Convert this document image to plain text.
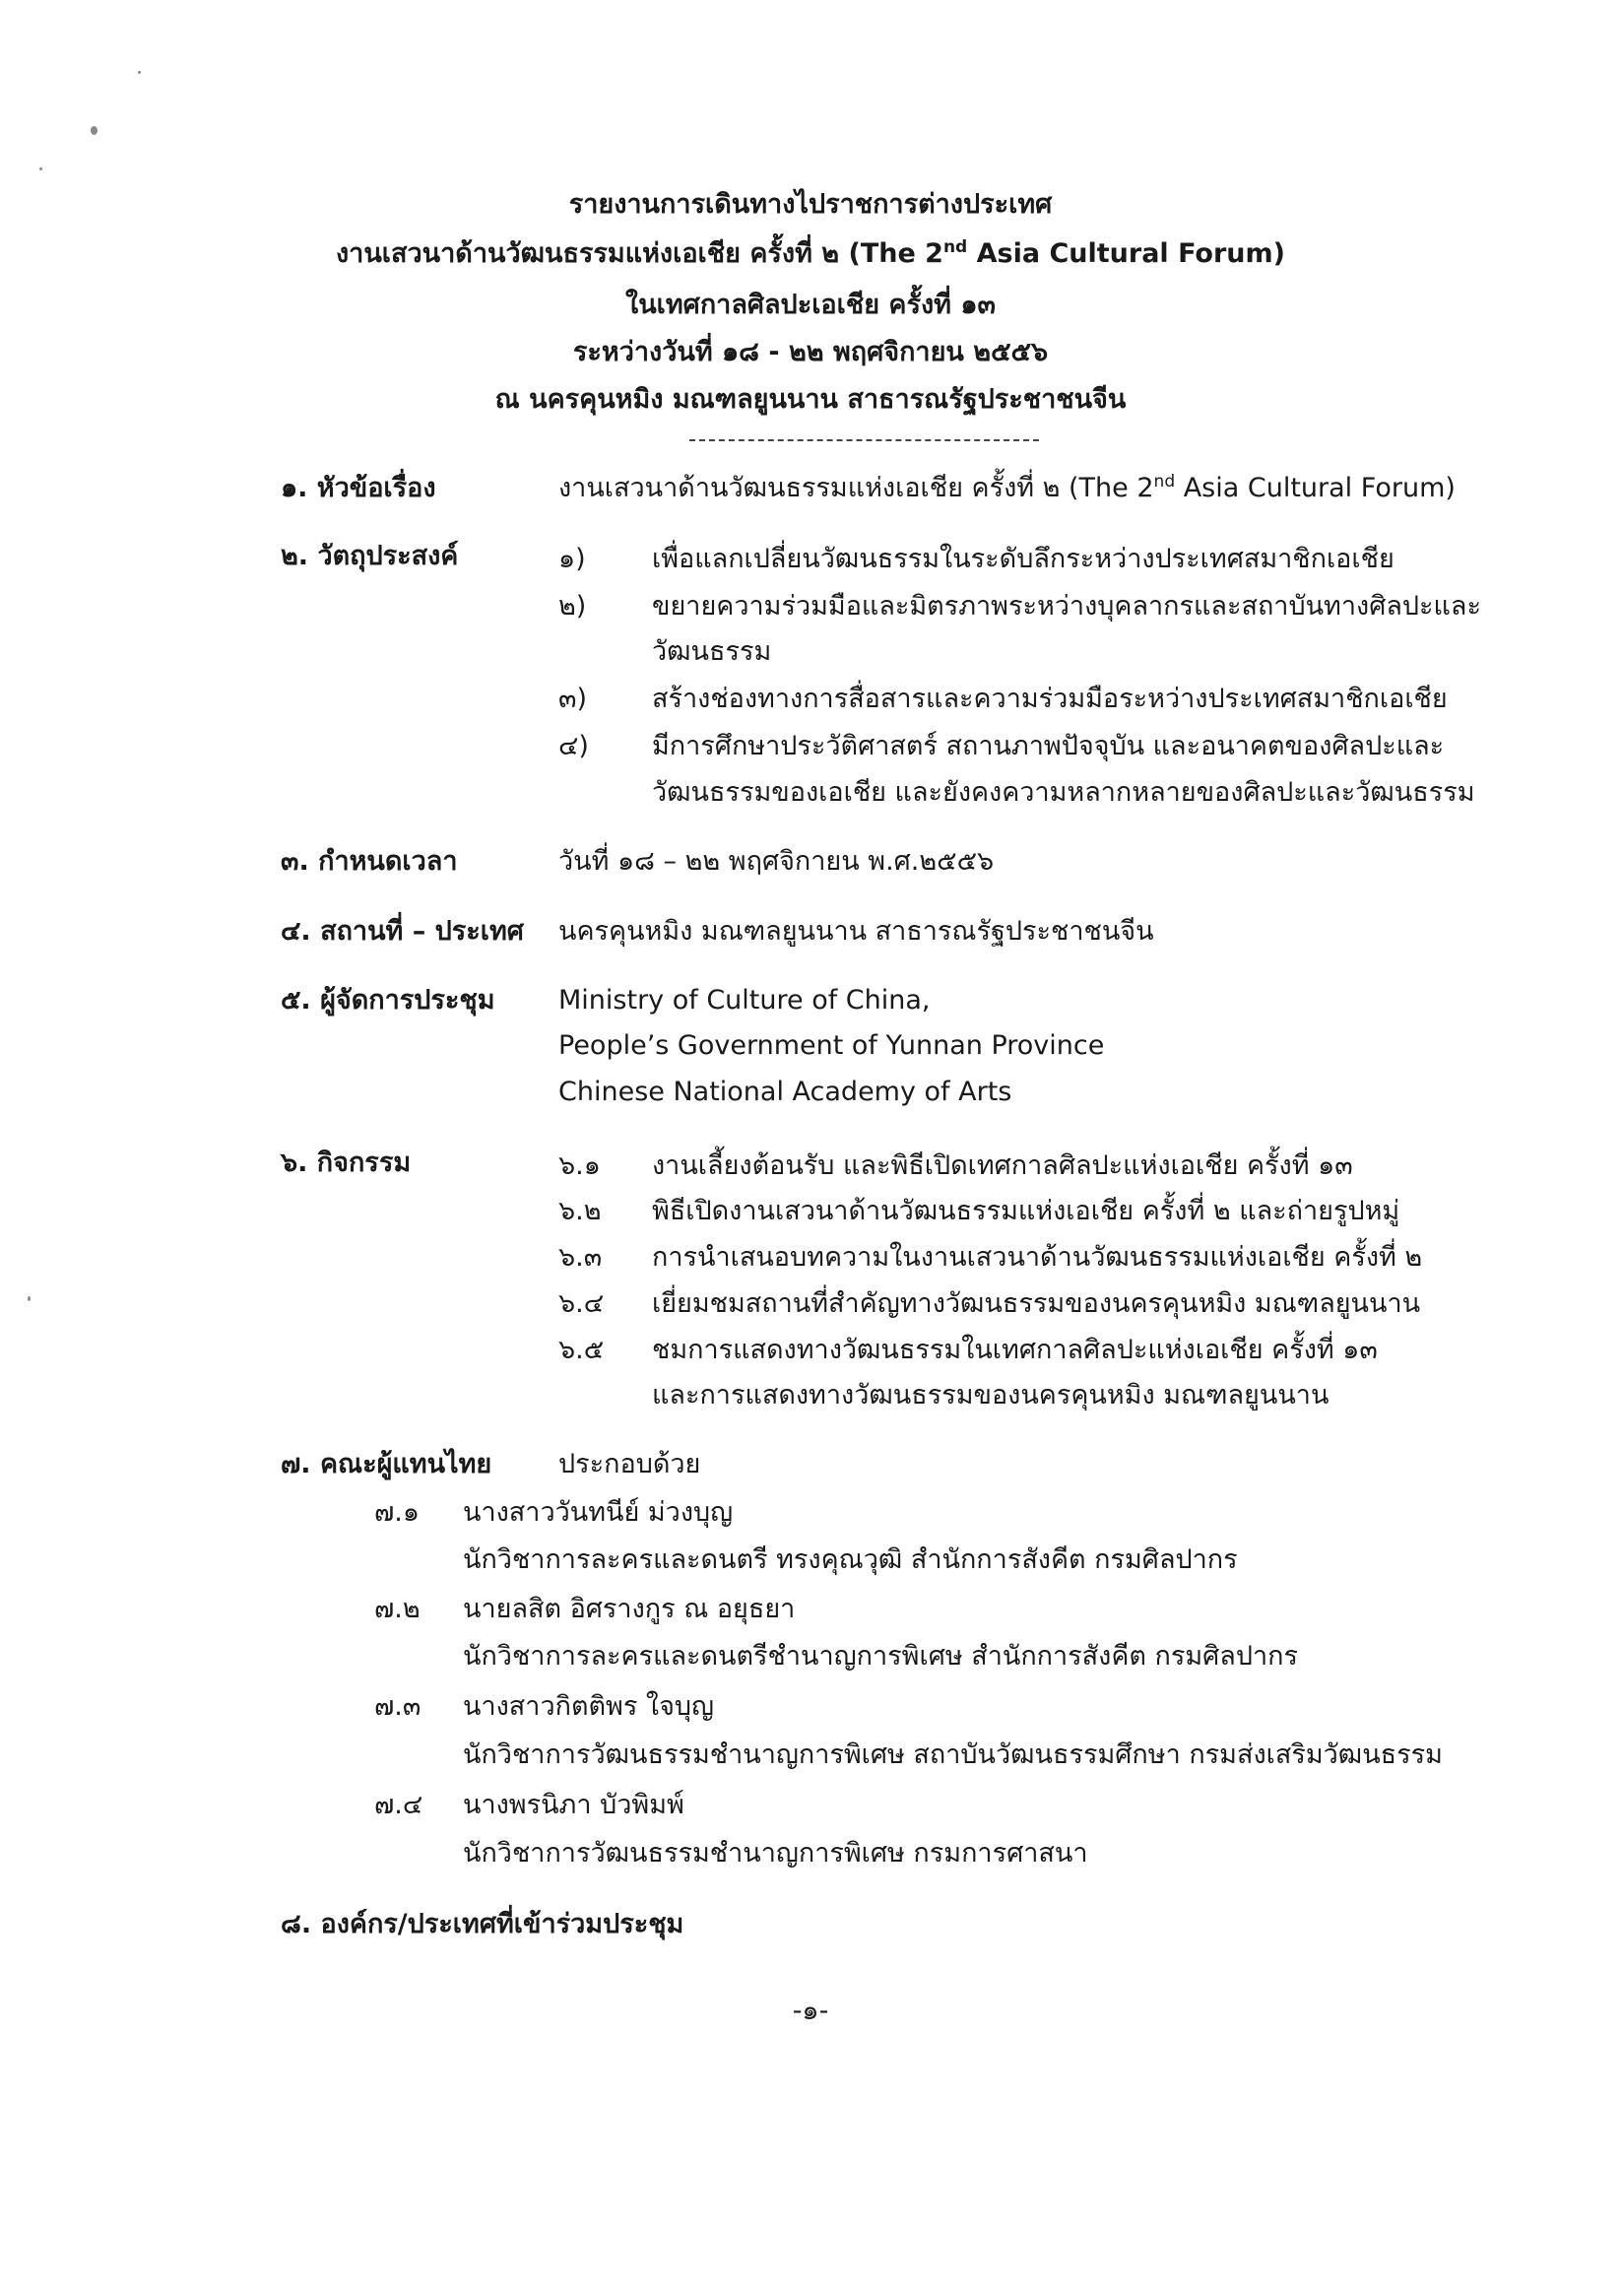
รายงานการเดินทางไปราชการต่างประเทศ
งานเสวนาด้านวัฒนธรรมแห่งเอเชีย ครั้งที่ ๒ (The 2nd Asia Cultural Forum)
ในเทศกาลศิลปะเอเชีย ครั้งที่ ๑๓
ระหว่างวันที่ ๑๘ - ๒๒ พฤศจิกายน ๒๕๕๖
ณ นครคุนหมิง มณฑลยูนนาน สาธารณรัฐประชาชนจีน
๑. หัวข้อเรื่อง	งานเสวนาด้านวัฒนธรรมแห่งเอเชีย ครั้งที่ ๒ (The 2nd Asia Cultural Forum)
๒. วัตถุประสงค์	๑) เพื่อแลกเปลี่ยนวัฒนธรรมในระดับลึกระหว่างประเทศสมาชิกเอเชีย
๒) ขยายความร่วมมือและมิตรภาพระหว่างบุคลากรและสถาบันทางศิลปะและ
วัฒนธรรม
๓) สร้างช่องทางการสื่อสารและความร่วมมือระหว่างประเทศสมาชิกเอเชีย
๔) มีการศึกษาประวัติศาสตร์ สถานภาพปัจจุบัน และอนาคตของศิลปะและ
วัฒนธรรมของเอเชีย และยังคงความหลากหลายของศิลปะและวัฒนธรรม
๓. กำหนดเวลา	วันที่ ๑๘ – ๒๒ พฤศจิกายน พ.ศ.๒๕๕๖
๔. สถานที่ – ประเทศ นครคุนหมิง มณฑลยูนนาน สาธารณรัฐประชาชนจีน
๕. ผู้จัดการประชุม Ministry of Culture of China,
People’s Government of Yunnan Province
Chinese National Academy of Arts
๖. กิจกรรม	๖.๑ งานเลี้ยงต้อนรับ และพิธีเปิดเทศกาลศิลปะแห่งเอเชีย ครั้งที่ ๑๓
๖.๒ พิธีเปิดงานเสวนาด้านวัฒนธรรมแห่งเอเชีย ครั้งที่ ๒ และถ่ายรูปหมู่
๖.๓ การนำเสนอบทความในงานเสวนาด้านวัฒนธรรมแห่งเอเชีย ครั้งที่ ๒
๖.๔ เยี่ยมชมสถานที่สำคัญทางวัฒนธรรมของนครคุนหมิง มณฑลยูนนาน
๖.๕ ชมการแสดงทางวัฒนธรรมในเทศกาลศิลปะแห่งเอเชีย ครั้งที่ ๑๓
และการแสดงทางวัฒนธรรมของนครคุนหมิง มณฑลยูนนาน
๗. คณะผู้แทนไทย	ประกอบด้วย
๗.๑ นางสาววันทนีย์ ม่วงบุญ
นักวิชาการละครและดนตรี ทรงคุณวุฒิ สำนักการสังคีต กรมศิลปากร
๗.๒ นายลสิต อิศรางกูร ณ อยุธยา
นักวิชาการละครและดนตรีชำนาญการพิเศษ สำนักการสังคีต กรมศิลปากร
๗.๓ นางสาวกิตติพร ใจบุญ
นักวิชาการวัฒนธรรมชำนาญการพิเศษ สถาบันวัฒนธรรมศึกษา กรมส่งเสริมวัฒนธรรม
๗.๔ นางพรนิภา บัวพิมพ์
นักวิชาการวัฒนธรรมชำนาญการพิเศษ กรมการศาสนา
๘. องค์กร/ประเทศที่เข้าร่วมประชุม
-๑-
